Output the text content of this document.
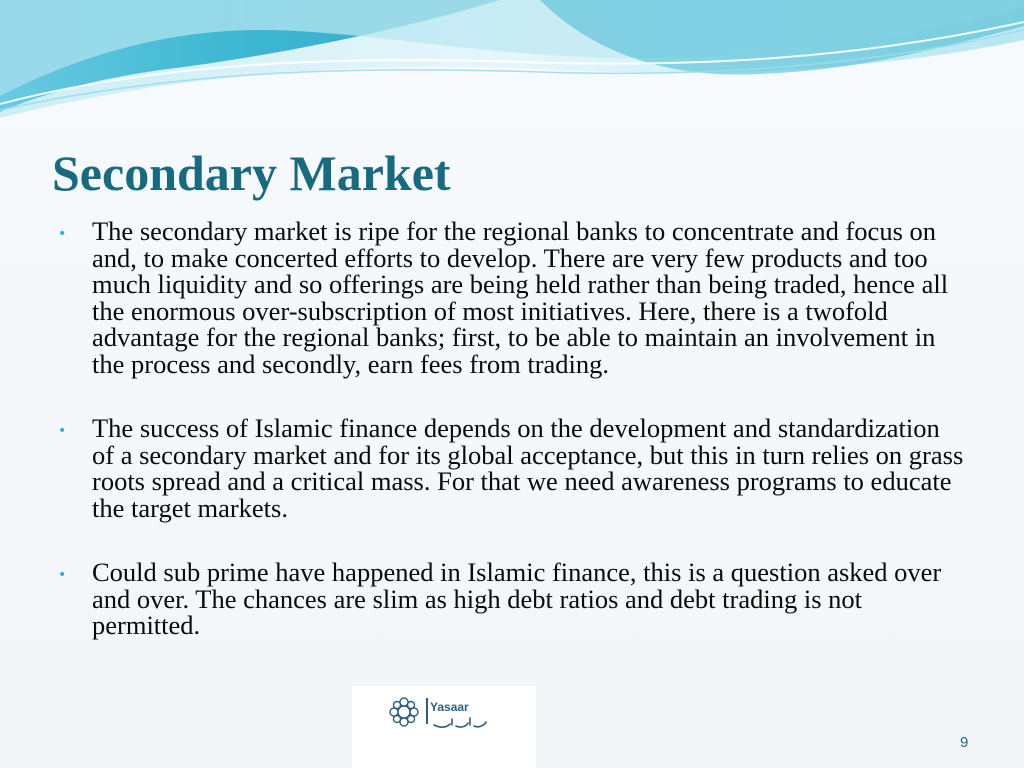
Secondary Market
• The secondary market is ripe for the regional banks to concentrate and focus on and, to make concerted efforts to develop. There are very few products and too much liquidity and so offerings are being held rather than being traded, hence all the enormous over-subscription of most initiatives. Here, there is a twofold advantage for the regional banks; first, to be able to maintain an involvement in the process and secondly, earn fees from trading.
• The success of Islamic finance depends on the development and standardization of a secondary market and for its global acceptance, but this in turn relies on grass roots spread and a critical mass. For that we need awareness programs to educate the target markets.
• Could sub prime have happened in Islamic finance, this is a question asked over and over. The chances are slim as high debt ratios and debt trading is not permitted.
Yasaar
9
